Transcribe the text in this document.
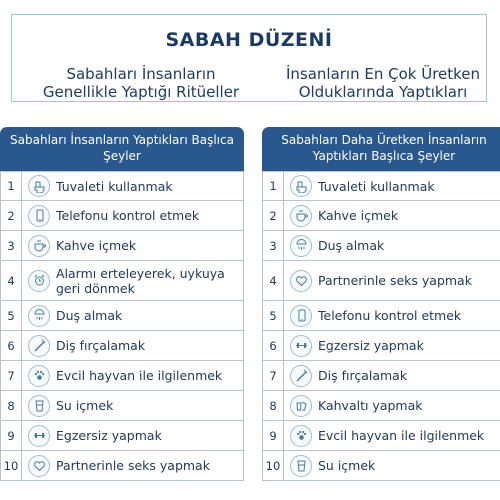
SABAH DÜZENİ
Sabahları İnsanların Genellikle Yaptığı Ritüeller
İnsanların En Çok Üretken Olduklarında Yaptıkları
Sabahları İnsanların Yaptıkları Başlıca Şeyler
1	Tuvaleti kullanmak
2	Telefonu kontrol etmek
3	Kahve içmek
4	Alarmı erteleyerek, uykuya geri dönmek
5	Duş almak
6	Diş fırçalamak
7	Evcil hayvan ile ilgilenmek
8	Su içmek
9	Egzersiz yapmak
10	Partnerinle seks yapmak
Sabahları Daha Üretken İnsanların Yaptıkları Başlıca Şeyler
1	Tuvaleti kullanmak
2	Kahve içmek
3	Duş almak
4	Partnerinle seks yapmak
5	Telefonu kontrol etmek
6	Egzersiz yapmak
7	Diş fırçalamak
8	Kahvaltı yapmak
9	Evcil hayvan ile ilgilenmek
10	Su içmek
